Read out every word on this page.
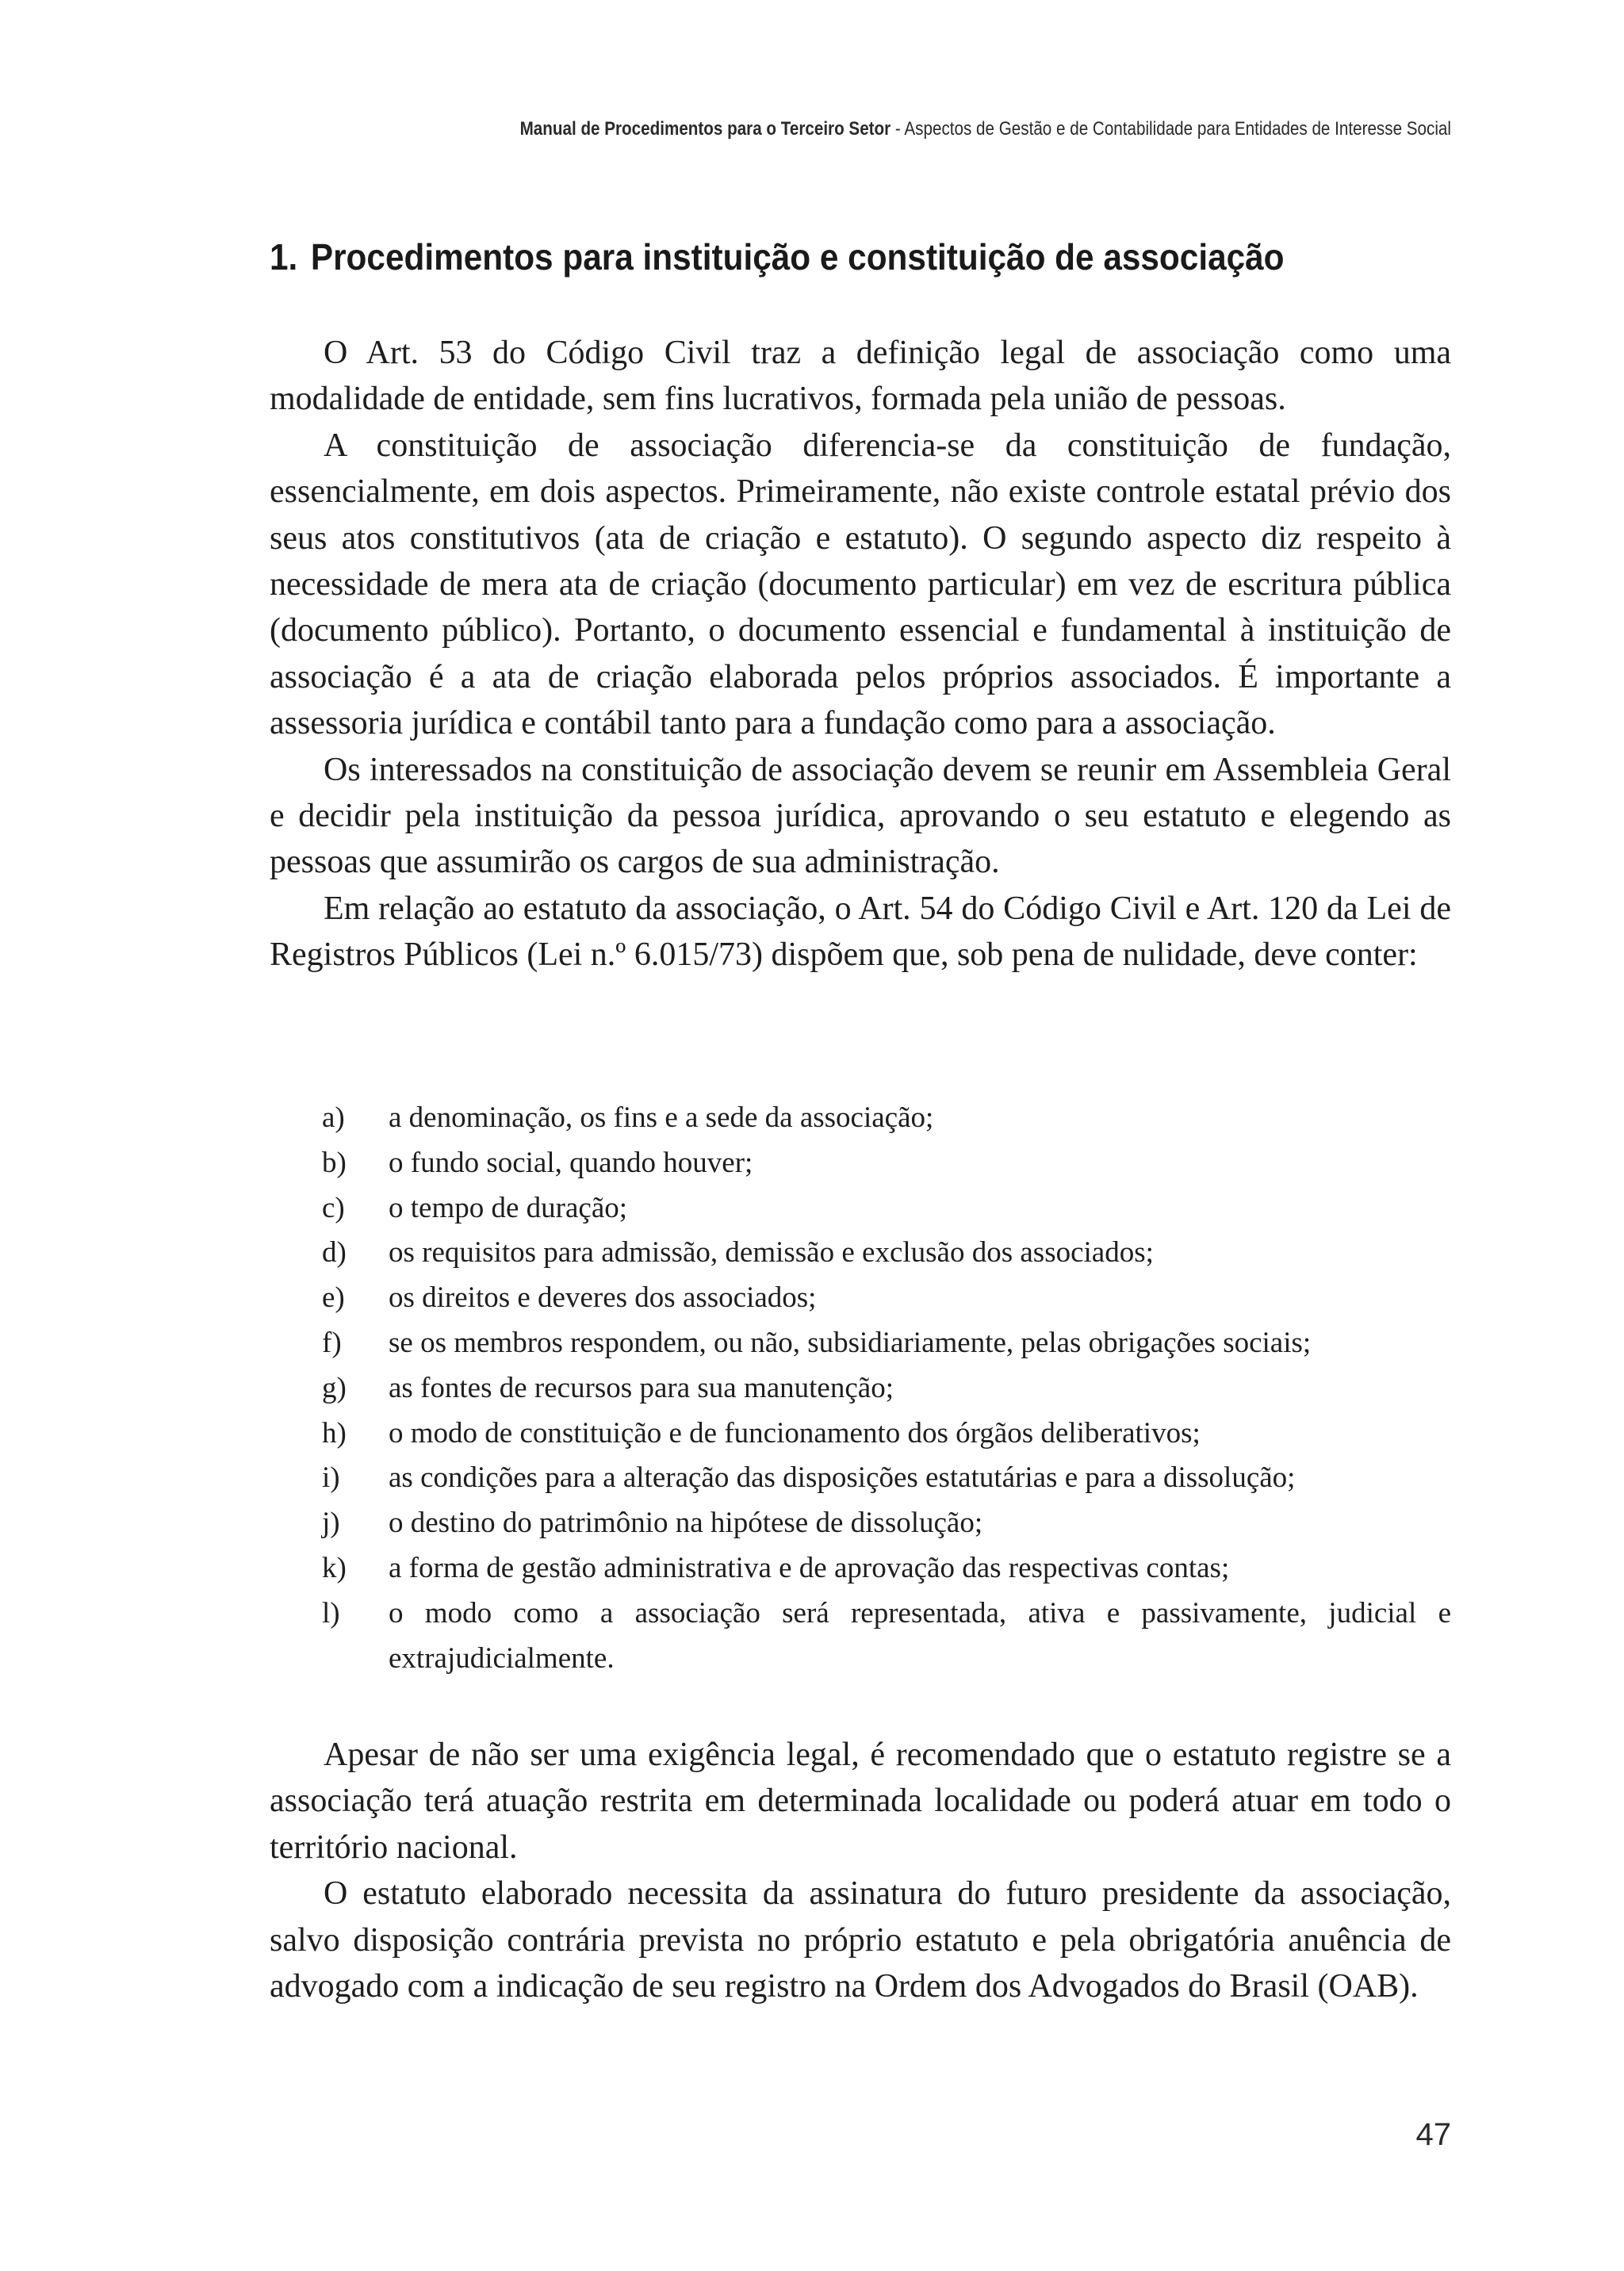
Manual de Procedimentos para o Terceiro Setor - Aspectos de Gestão e de Contabilidade para Entidades de Interesse Social
1. Procedimentos para instituição e constituição de associação

O Art. 53 do Código Civil traz a definição legal de associação como uma modalidade de entidade, sem fins lucrativos, formada pela união de pessoas.

A constituição de associação diferencia-se da constituição de fundação, essencialmente, em dois aspectos. Primeiramente, não existe controle estatal prévio dos seus atos constitutivos (ata de criação e estatuto). O segundo aspecto diz respeito à necessidade de mera ata de criação (documento particular) em vez de escritura pública (documento público). Portanto, o documento essencial e fundamental à instituição de associação é a ata de criação elaborada pelos próprios associados. É importante a assessoria jurídica e contábil tanto para a fundação como para a associação.

Os interessados na constituição de associação devem se reunir em Assembleia Geral e decidir pela instituição da pessoa jurídica, aprovando o seu estatuto e elegendo as pessoas que assumirão os cargos de sua administração.

Em relação ao estatuto da associação, o Art. 54 do Código Civil e Art. 120 da Lei de Registros Públicos (Lei n.º 6.015/73) dispõem que, sob pena de nulidade, deve conter:

a)	a denominação, os fins e a sede da associação;
b)	o fundo social, quando houver;
c)	o tempo de duração;
d)	os requisitos para admissão, demissão e exclusão dos associados;
e)	os direitos e deveres dos associados;
f)	se os membros respondem, ou não, subsidiariamente, pelas obrigações sociais;
g)	as fontes de recursos para sua manutenção;
h)	o modo de constituição e de funcionamento dos órgãos deliberativos;
i)	as condições para a alteração das disposições estatutárias e para a dissolução;
j)	o destino do patrimônio na hipótese de dissolução;
k)	a forma de gestão administrativa e de aprovação das respectivas contas;
l)	o modo como a associação será representada, ativa e passivamente, judicial e extrajudicialmente.

Apesar de não ser uma exigência legal, é recomendado que o estatuto registre se a associação terá atuação restrita em determinada localidade ou poderá atuar em todo o território nacional.

O estatuto elaborado necessita da assinatura do futuro presidente da associação, salvo disposição contrária prevista no próprio estatuto e pela obrigatória anuência de advogado com a indicação de seu registro na Ordem dos Advogados do Brasil (OAB).

47
